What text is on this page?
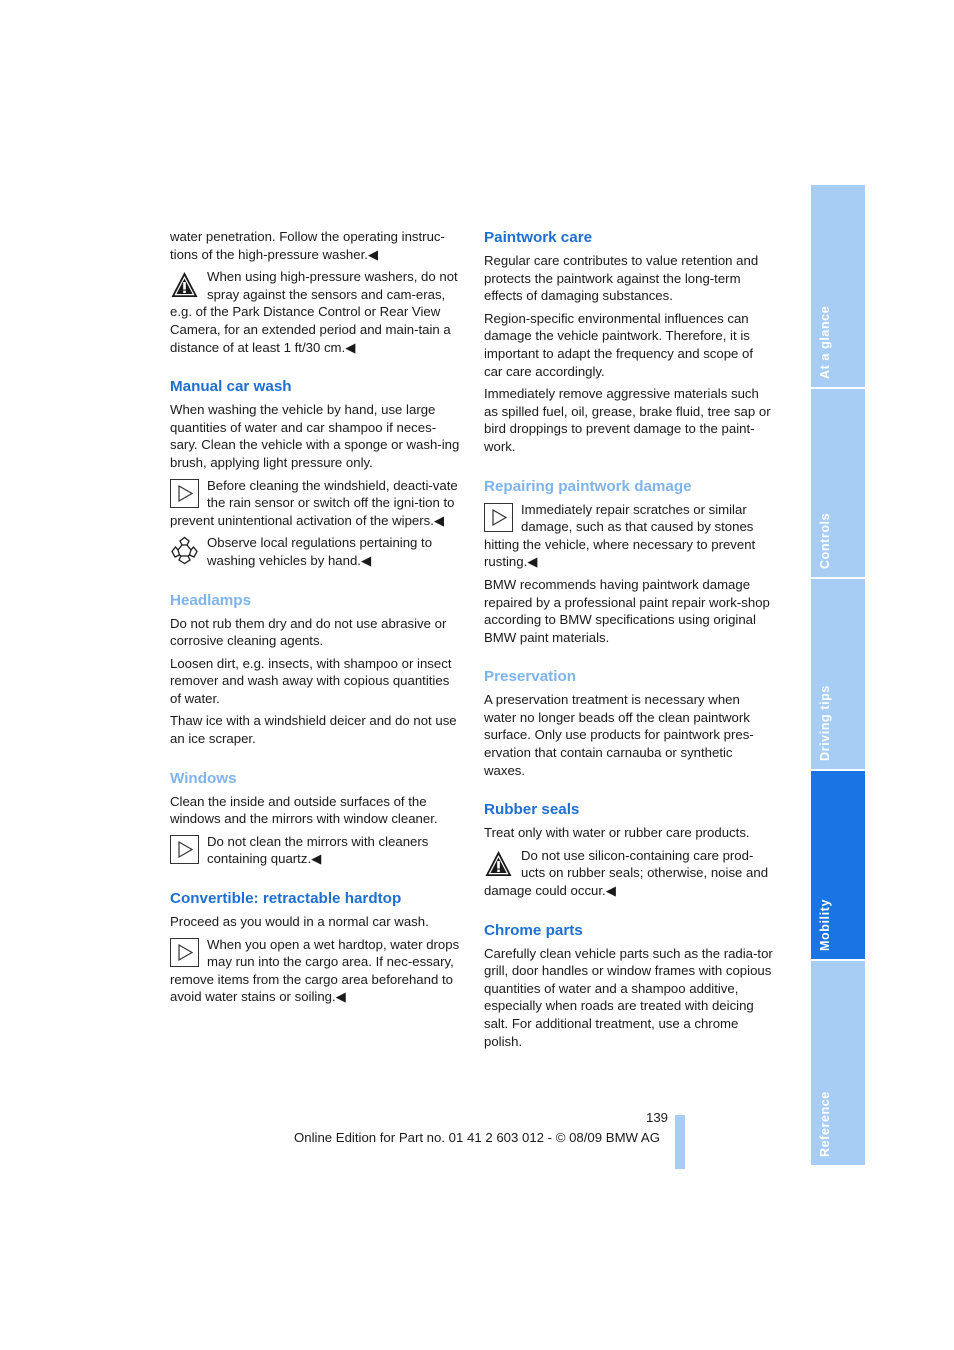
water penetration. Follow the operating instruc-tions of the high-pressure washer.◀

When using high-pressure washers, do not spray against the sensors and cam-eras, e.g. of the Park Distance Control or Rear View Camera, for an extended period and main-tain a distance of at least 1 ft/30 cm.◀
Manual car wash

When washing the vehicle by hand, use large quantities of water and car shampoo if neces-sary. Clean the vehicle with a sponge or wash-ing brush, applying light pressure only.

Before cleaning the windshield, deacti-vate the rain sensor or switch off the igni-tion to prevent unintentional activation of the wipers.◀
Observe local regulations pertaining to washing vehicles by hand.◀
Headlamps

Do not rub them dry and do not use abrasive or corrosive cleaning agents.

Loosen dirt, e.g. insects, with shampoo or insect remover and wash away with copious quantities of water.

Thaw ice with a windshield deicer and do not use an ice scraper.

Windows

Clean the inside and outside surfaces of the windows and the mirrors with window cleaner.

Do not clean the mirrors with cleaners containing quartz.◀
Convertible: retractable hardtop

Proceed as you would in a normal car wash.

When you open a wet hardtop, water drops may run into the cargo area. If nec-essary, remove items from the cargo area beforehand to avoid water stains or soiling.◀
Paintwork care

Regular care contributes to value retention and protects the paintwork against the long-term effects of damaging substances.

Region-specific environmental influences can damage the vehicle paintwork. Therefore, it is important to adapt the frequency and scope of car care accordingly.

Immediately remove aggressive materials such as spilled fuel, oil, grease, brake fluid, tree sap or bird droppings to prevent damage to the paint-work.

Repairing paintwork damage
Immediately repair scratches or similar damage, such as that caused by stones hitting the vehicle, where necessary to prevent rusting.◀

BMW recommends having paintwork damage repaired by a professional paint repair work-shop according to BMW specifications using original BMW paint materials.

Preservation

A preservation treatment is necessary when water no longer beads off the clean paintwork surface. Only use products for paintwork pres-ervation that contain carnauba or synthetic waxes.

Rubber seals

Treat only with water or rubber care products.

Do not use silicon-containing care prod-ucts on rubber seals; otherwise, noise and damage could occur.◀
Chrome parts

Carefully clean vehicle parts such as the radia-tor grill, door handles or window frames with copious quantities of water and a shampoo additive, especially when roads are treated with deicing salt. For additional treatment, use a chrome polish.

At a glance
Controls
Driving tips
Mobility
Reference
139
Online Edition for Part no. 01 41 2 603 012 - © 08/09 BMW AG
